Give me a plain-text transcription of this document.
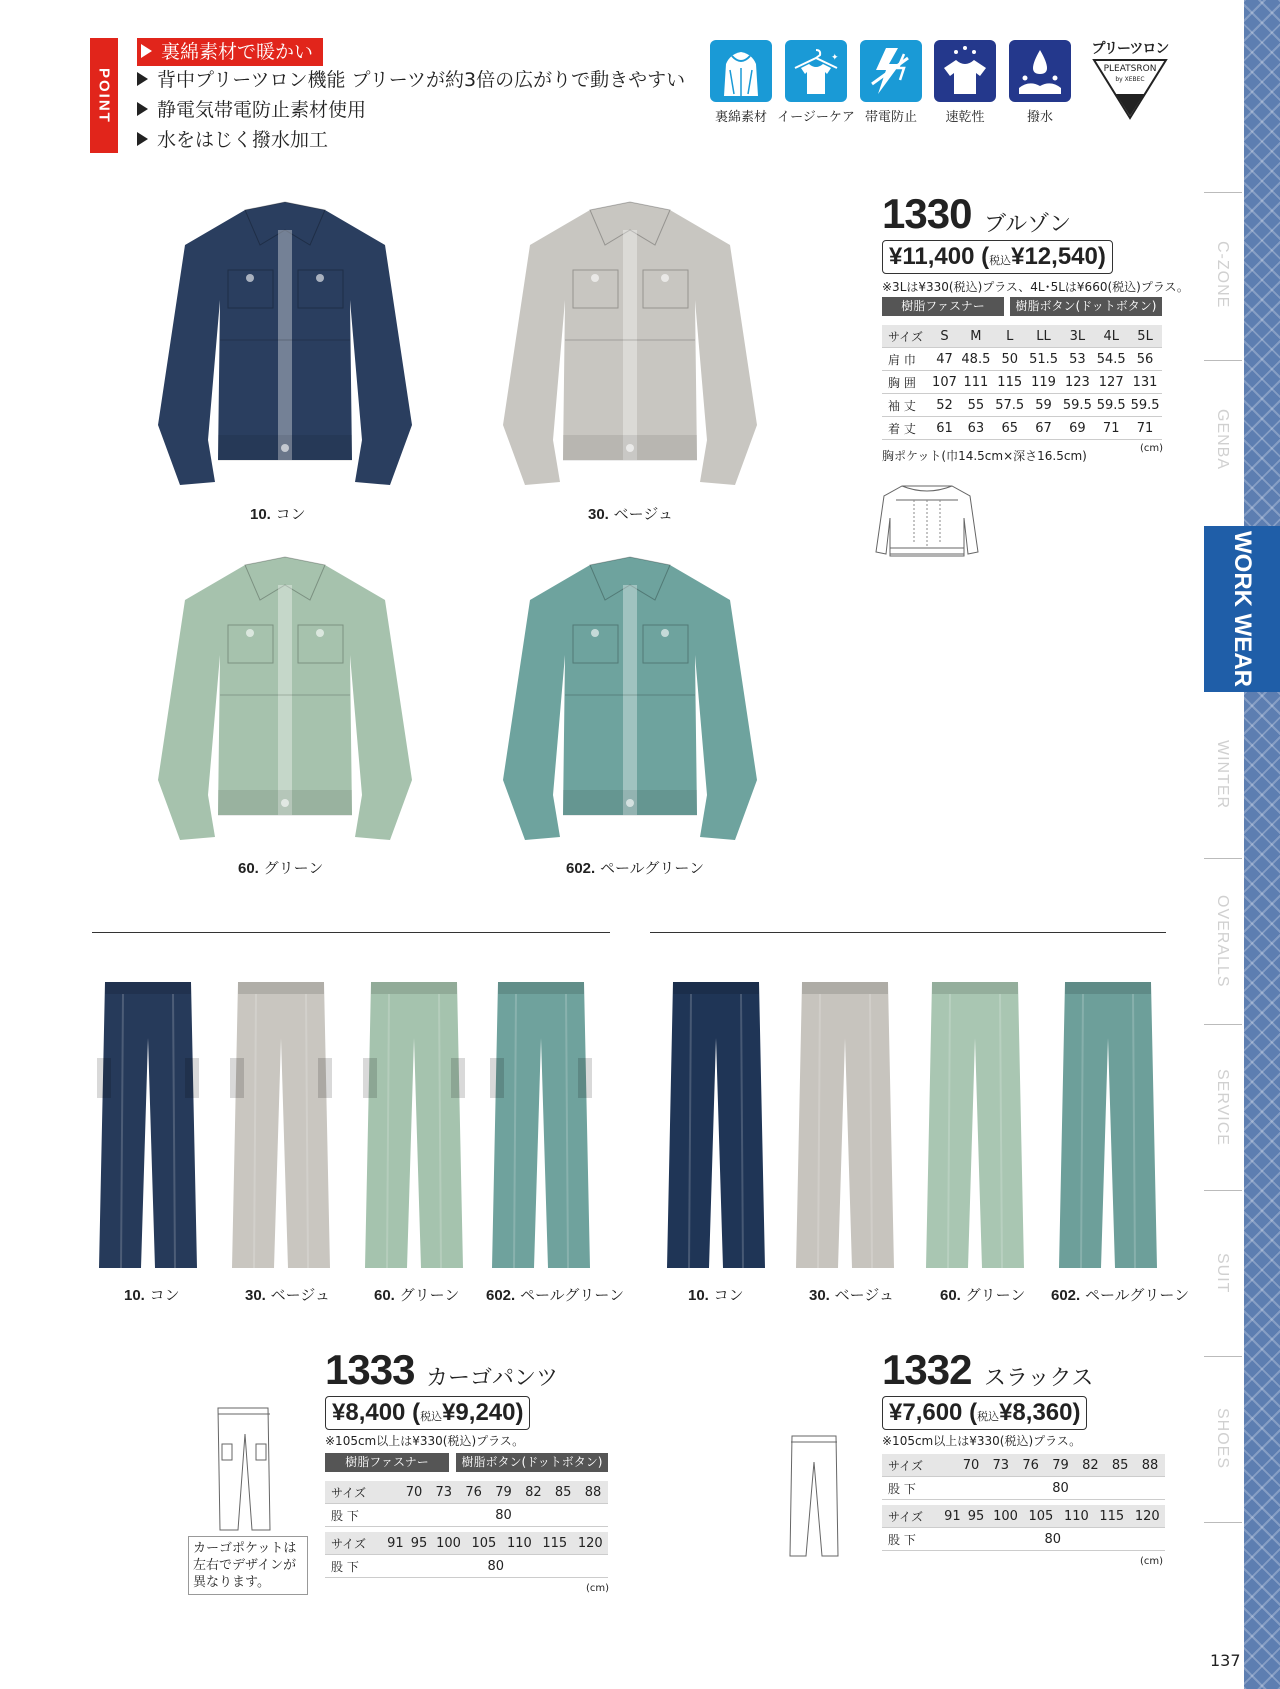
POINT
裏綿素材で暖かい
背中プリーツロン機能 プリーツが約3倍の広がりで動きやすい
静電気帯電防止素材使用
水をはじく撥水加工
✦
裏綿素材 イージーケア 帯電防止	速乾性	撥水
プリーツロン
PLEATSRON
by XEBEC
C-ZONE
GENBA
WORK WEAR
WINTER
OVERALLS
SERVICE
SUIT
SHOES
10. コン	30. ベージュ
60. グリーン	602. ペールグリーン
1330 ブルゾン
¥11,400 (税込¥12,540)
※3Lは¥330(税込)プラス、4L･5Lは¥660(税込)プラス。
樹脂ファスナー	樹脂ボタン(ドットボタン)
サイズ	S	M	L	LL	3L	4L	5L
肩 巾	47	48.5	50	51.5	53	54.5	56
胸 囲	107	111	115	119	123	127	131
袖 丈	52	55	57.5	59	59.5	59.5	59.5
着 丈	61	63	65	67	69	71	71
胸ポケット(巾14.5cm×深さ16.5cm)
(cm)
10. コン	30. ベージュ	60. グリーン 602. ペールグリーン	10. コン	30. ベージュ	60. グリーン 602. ペールグリーン
1333 カーゴパンツ
¥8,400 (税込¥9,240)
※105cm以上は¥330(税込)プラス。
樹脂ファスナー	樹脂ボタン(ドットボタン)
サイズ	70	73	76	79	82	85	88
股 下	80						
サイズ	91	95	100	105	110	115	120
股 下	80						
(cm)
カーゴポケットは左右でデザインが異なります。
1332 スラックス
¥7,600 (税込¥8,360)
※105cm以上は¥330(税込)プラス。
サイズ	70	73	76	79	82	85	88
股 下	80						
サイズ	91	95	100	105	110	115	120
股 下	80						
(cm)
137
